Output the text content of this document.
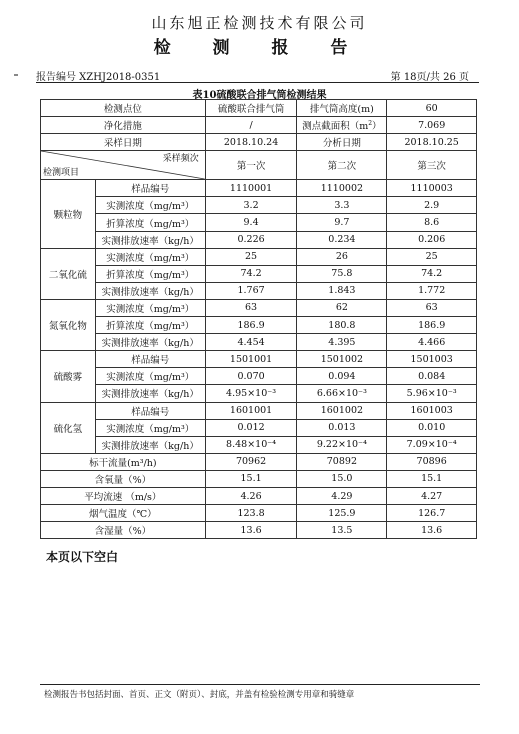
山东旭正检测技术有限公司
检 测 报 告
报告编号 XZHJ2018-0351	第 18页/共 26 页
表10硫酸联合排气筒检测结果
检测点位		硫酸联合排气筒	排气筒高度(m)	60
净化措施		/	测点截面积$(m^2)$	7.069
采样日期		2018.10.24	分析日期	2018.10.25

采样频次
检测项目		第一次	第二次	第三次
颗粒物	样品编号	1110001	1110002	1110003
	实测浓度（mg/m³）	3.2	3.3	2.9
	折算浓度（mg/m³）	9.4	9.7	8.6
	实测排放速率（kg/h）	0.226	0.234	0.206
二氧化硫	实测浓度（mg/m³）	25	26	25
	折算浓度（mg/m³）	74.2	75.8	74.2
	实测排放速率（kg/h）	1.767	1.843	1.772
氮氧化物	实测浓度（mg/m³）	63	62	63
	折算浓度（mg/m³）	186.9	180.8	186.9
	实测排放速率（kg/h）	4.454	4.395	4.466
硫酸雾	样品编号	1501001	1501002	1501003
	实测浓度（mg/m³）	0.070	0.094	0.084
	实测排放速率（kg/h）	4.95×10⁻³	6.66×10⁻³	5.96×10⁻³
硫化氢	样品编号	1601001	1601002	1601003
	实测浓度（mg/m³）	0.012	0.013	0.010
	实测排放速率（kg/h）	8.48×10⁻⁴	9.22×10⁻⁴	7.09×10⁻⁴
标干流量(m³/h)		70962	70892	70896
含氧量（%）		15.1	15.0	15.1
平均流速 （m/s）		4.26	4.29	4.27
烟气温度（℃）		123.8	125.9	126.7
含湿量（%）		13.6	13.5	13.6
本页以下空白
检测报告书包括封面、首页、正文（附页）、封底，并盖有检验检测专用章和骑缝章
